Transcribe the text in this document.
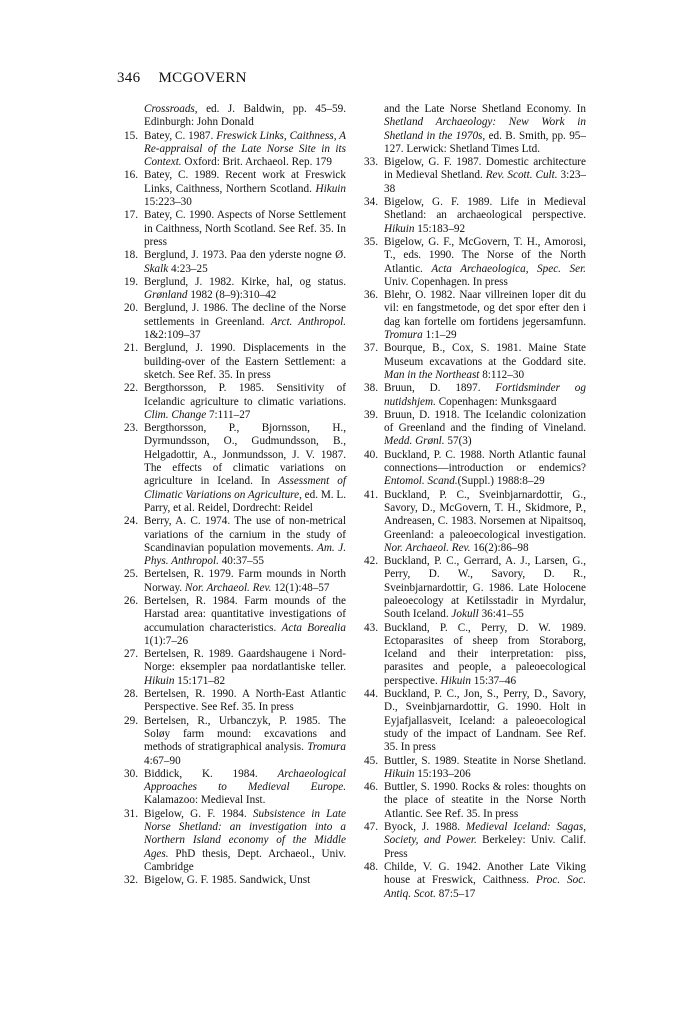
346 MCGOVERN
Crossroads, ed. J. Baldwin, pp. 45–59. Edinburgh: John Donald
15. Batey, C. 1987. Freswick Links, Caithness, A Re-appraisal of the Late Norse Site in its Context. Oxford: Brit. Archaeol. Rep. 179
16. Batey, C. 1989. Recent work at Freswick Links, Caithness, Northern Scotland. Hikuin 15:223–30
17. Batey, C. 1990. Aspects of Norse Settlement in Caithness, North Scotland. See Ref. 35. In press
18. Berglund, J. 1973. Paa den yderste nogne Ø. Skalk 4:23–25
19. Berglund, J. 1982. Kirke, hal, og status. Grønland 1982 (8–9):310–42
20. Berglund, J. 1986. The decline of the Norse settlements in Greenland. Arct. Anthropol. 1&2:109–37
21. Berglund, J. 1990. Displacements in the building-over of the Eastern Settlement: a sketch. See Ref. 35. In press
22. Bergthorsson, P. 1985. Sensitivity of Icelandic agriculture to climatic variations. Clim. Change 7:111–27
23. Bergthorsson, P., Bjornsson, H., Dyrmundsson, O., Gudmundsson, B., Helgadottir, A., Jonmundsson, J. V. 1987. The effects of climatic variations on agriculture in Iceland. In Assessment of Climatic Variations on Agriculture, ed. M. L. Parry, et al. Reidel, Dordrecht: Reidel
24. Berry, A. C. 1974. The use of non-metrical variations of the carnium in the study of Scandinavian population movements. Am. J. Phys. Anthropol. 40:37–55
25. Bertelsen, R. 1979. Farm mounds in North Norway. Nor. Archaeol. Rev. 12(1):48–57
26. Bertelsen, R. 1984. Farm mounds of the Harstad area: quantitative investigations of accumulation characteristics. Acta Borealia 1(1):7–26
27. Bertelsen, R. 1989. Gaardshaugene i Nord-Norge: eksempler paa nordatlantiske teller. Hikuin 15:171–82
28. Bertelsen, R. 1990. A North-East Atlantic Perspective. See Ref. 35. In press
29. Bertelsen, R., Urbanczyk, P. 1985. The Soløy farm mound: excavations and methods of stratigraphical analysis. Tromura 4:67–90
30. Biddick, K. 1984. Archaeological Approaches to Medieval Europe. Kalamazoo: Medieval Inst.
31. Bigelow, G. F. 1984. Subsistence in Late Norse Shetland: an investigation into a Northern Island economy of the Middle Ages. PhD thesis, Dept. Archaeol., Univ. Cambridge
32. Bigelow, G. F. 1985. Sandwick, Unst
and the Late Norse Shetland Economy. In Shetland Archaeology: New Work in Shetland in the 1970s, ed. B. Smith, pp. 95–127. Lerwick: Shetland Times Ltd.
33. Bigelow, G. F. 1987. Domestic architecture in Medieval Shetland. Rev. Scott. Cult. 3:23–38
34. Bigelow, G. F. 1989. Life in Medieval Shetland: an archaeological perspective. Hikuin 15:183–92
35. Bigelow, G. F., McGovern, T. H., Amorosi, T., eds. 1990. The Norse of the North Atlantic. Acta Archaeologica, Spec. Ser. Univ. Copenhagen. In press
36. Blehr, O. 1982. Naar villreinen loper dit du vil: en fangstmetode, og det spor efter den i dag kan fortelle om fortidens jegersamfunn. Tromura 1:1–29
37. Bourque, B., Cox, S. 1981. Maine State Museum excavations at the Goddard site. Man in the Northeast 8:112–30
38. Bruun, D. 1897. Fortidsminder og nutidshjem. Copenhagen: Munksgaard
39. Bruun, D. 1918. The Icelandic colonization of Greenland and the finding of Vineland. Medd. Grønl. 57(3)
40. Buckland, P. C. 1988. North Atlantic faunal connections—introduction or endemics? Entomol. Scand.(Suppl.) 1988:8–29
41. Buckland, P. C., Sveinbjarnardottir, G., Savory, D., McGovern, T. H., Skidmore, P., Andreasen, C. 1983. Norsemen at Nipaitsoq, Greenland: a paleoecological investigation. Nor. Archaeol. Rev. 16(2):86–98
42. Buckland, P. C., Gerrard, A. J., Larsen, G., Perry, D. W., Savory, D. R., Sveinbjarnardottir, G. 1986. Late Holocene paleoecology at Ketilsstadir in Myrdalur, South Iceland. Jokull 36:41–55
43. Buckland, P. C., Perry, D. W. 1989. Ectoparasites of sheep from Storaborg, Iceland and their interpretation: piss, parasites and people, a paleoecological perspective. Hikuin 15:37–46
44. Buckland, P. C., Jon, S., Perry, D., Savory, D., Sveinbjarnardottir, G. 1990. Holt in Eyjafjallasveit, Iceland: a paleoecological study of the impact of Landnam. See Ref. 35. In press
45. Buttler, S. 1989. Steatite in Norse Shetland. Hikuin 15:193–206
46. Buttler, S. 1990. Rocks & roles: thoughts on the place of steatite in the Norse North Atlantic. See Ref. 35. In press
47. Byock, J. 1988. Medieval Iceland: Sagas, Society, and Power. Berkeley: Univ. Calif. Press
48. Childe, V. G. 1942. Another Late Viking house at Freswick, Caithness. Proc. Soc. Antiq. Scot. 87:5–17
